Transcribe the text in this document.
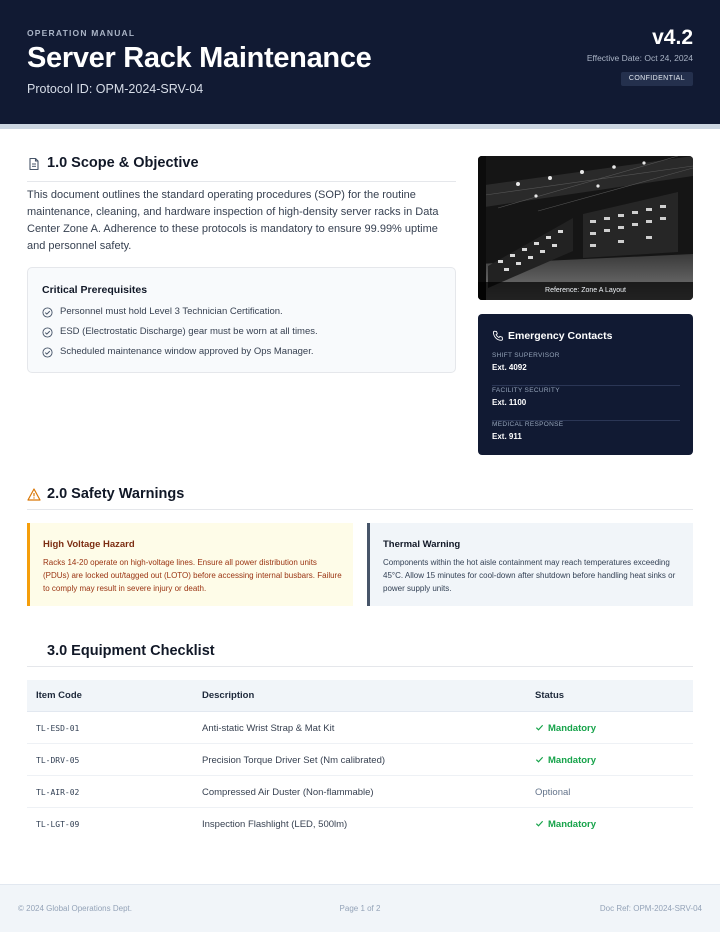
OPERATION MANUAL
Server Rack Maintenance
Protocol ID: OPM-2024-SRV-04
v4.2
Effective Date: Oct 24, 2024
CONFIDENTIAL
1.0 Scope & Objective

This document outlines the standard operating procedures (SOP) for the routine maintenance, cleaning, and hardware inspection of high-density server racks in Data Center Zone A. Adherence to these protocols is mandatory to ensure 99.99% uptime and personnel safety.

Critical Prerequisites
Personnel must hold Level 3 Technician Certification.
ESD (Electrostatic Discharge) gear must be worn at all times.
Scheduled maintenance window approved by Ops Manager.
Reference: Zone A Layout
Emergency Contacts
SHIFT SUPERVISOR
Ext. 4092
FACILITY SECURITY
Ext. 1100
MEDICAL RESPONSE
Ext. 911
2.0 Safety Warnings
High Voltage Hazard
Racks 14-20 operate on high-voltage lines. Ensure all power distribution units (PDUs) are locked out/tagged out (LOTO) before accessing internal busbars. Failure to comply may result in severe injury or death.
Thermal Warning
Components within the hot aisle containment may reach temperatures exceeding 45°C. Allow 15 minutes for cool-down after shutdown before handling heat sinks or power supply units.
3.0 Equipment Checklist
Item Code	Description	Status
TL-ESD-01	Anti-static Wrist Strap & Mat Kit	Mandatory
TL-DRV-05	Precision Torque Driver Set (Nm calibrated)	Mandatory
TL-AIR-02	Compressed Air Duster (Non-flammable)	Optional
TL-LGT-09	Inspection Flashlight (LED, 500lm)	Mandatory
© 2024 Global Operations Dept.	Page 1 of 2	Doc Ref: OPM-2024-SRV-04
